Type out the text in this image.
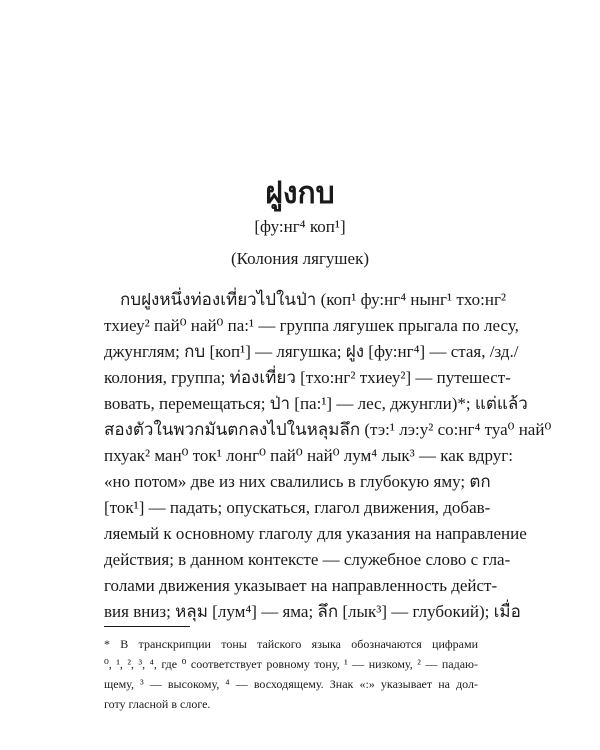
ฝูงกบ
[фу:нг⁴ коп¹]
(Колония лягушек)
กบฝูงหนึ่งท่องเที่ยวไปในป่า (коп¹ фу:нг⁴ нынг¹ тхо:нг²
тхиеу² пай⁰ най⁰ па:¹ — группа лягушек прыгала по лесу,
джунглям; กบ [коп¹] — лягушка; ฝูง [фу:нг⁴] — стая, /зд./
колония, группа; ท่องเที่ยว [тхо:нг² тхиеу²] — путешест-
вовать, перемещаться; ป่า [па:¹] — лес, джунгли)*; แต่แล้ว
สองตัวในพวกมันตกลงไปในหลุมลึก (тэ:¹ лэ:у² со:нг⁴ туа⁰ най⁰
пхуак² ман⁰ ток¹ лонг⁰ пай⁰ най⁰ лум⁴ лык³ — как вдруг:
«но потом» две из них свалились в глубокую яму; ตก
[ток¹] — падать; опускаться, глагол движения, добав-
ляемый к основному глаголу для указания на направление
действия; в данном контексте — служебное слово с гла-
голами движения указывает на направленность дейст-
вия вниз; หลุม [лум⁴] — яма; ลึก [лык³] — глубокий); เมื่อ
* В транскрипции тоны тайского языка обозначаются цифрами
⁰, ¹, ², ³, ⁴, где ⁰ соответствует ровному тону, ¹ — низкому, ² — падаю-
щему, ³ — высокому, ⁴ — восходящему. Знак «:» указывает на дол-
готу гласной в слоге.
